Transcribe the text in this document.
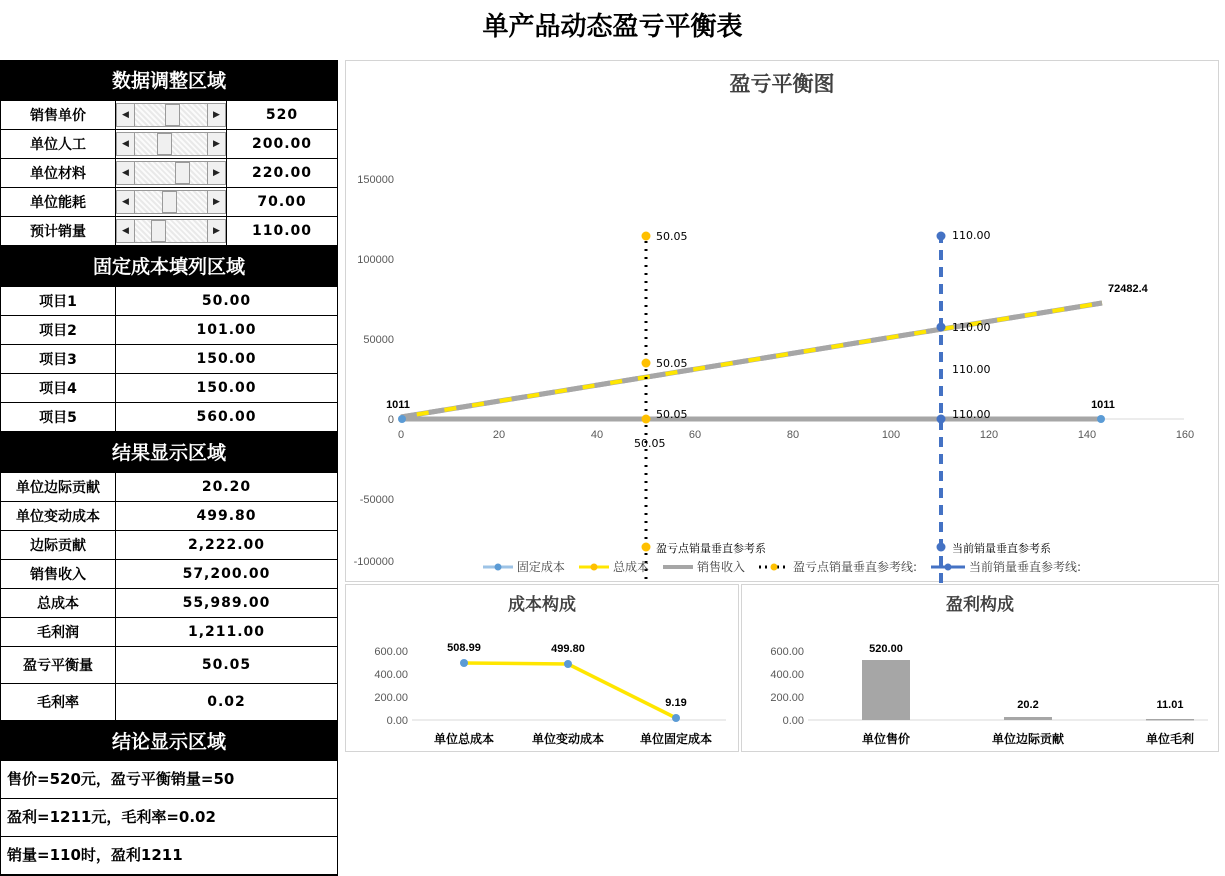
单产品动态盈亏平衡表
数据调整区域
销售单价	◀ ▶	520
单位人工	◀ ▶	200.00
单位材料	◀ ▶	220.00
单位能耗	◀ ▶	70.00
预计销量	◀ ▶	110.00
固定成本填列区域
项目1	50.00
项目2	101.00
项目3	150.00
项目4	150.00
项目5	560.00
结果显示区域
单位边际贡献	20.20
单位变动成本	499.80
边际贡献	2,222.00
销售收入	57,200.00
总成本	55,989.00
毛利润	1,211.00
盈亏平衡量	50.05
毛利率	0.02
结论显示区域
售价=520元，盈亏平衡销量=50
盈利=1211元，毛利率=0.02
销量=110时，盈利1211
盈亏平衡图
150000
100000
50000
0
-50000
-100000
0	20	40	60	80	100	120	140	160
1011	1011
72482.4
50.05
50.05
50.05
50.05
盈亏点销量垂直参考系
110.00
110.00
110.00
110.00
当前销量垂直参考系
固定成本	总成本	销售收入	盈亏点销量垂直参考线:	当前销量垂直参考线:
成本构成
600.00
400.00
200.00
0.00
508.99	499.80
9.19
单位总成本	单位变动成本	单位固定成本
盈利构成
600.00
400.00
200.00
0.00
520.00
20.2	11.01
单位售价	单位边际贡献	单位毛利
